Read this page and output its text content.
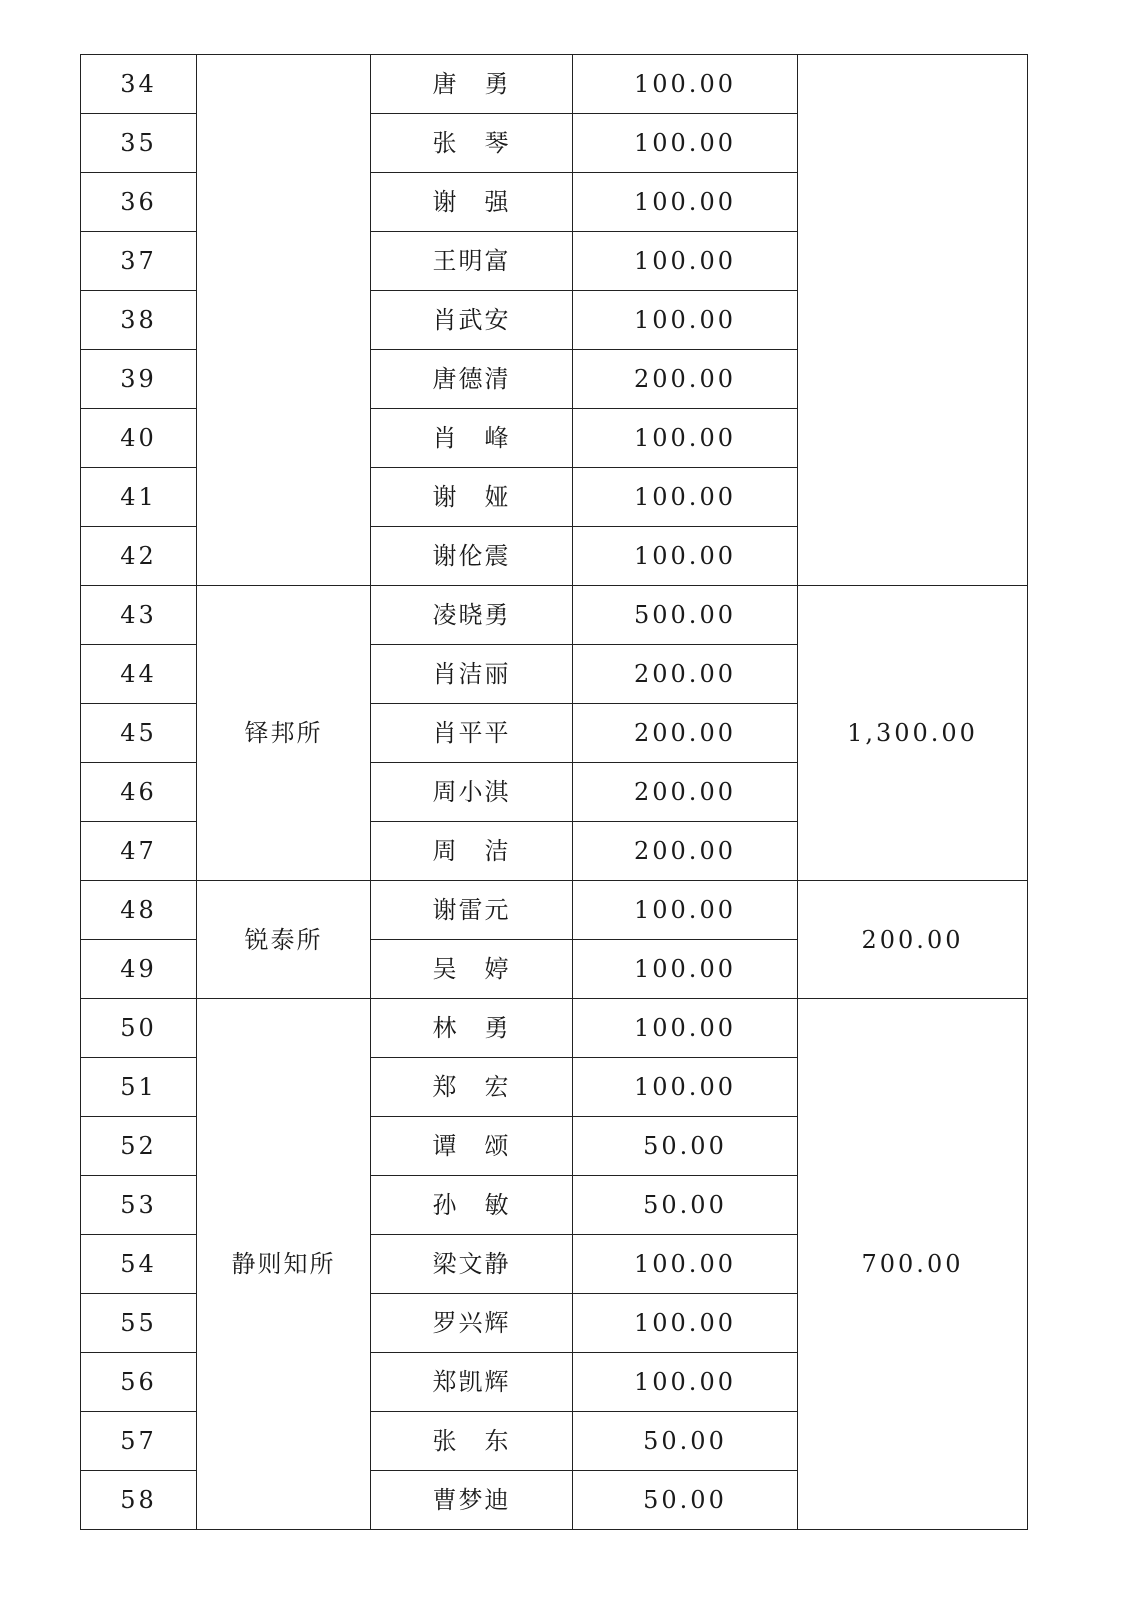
34		唐　勇	100.00	
35		张　琴	100.00	
36		谢　强	100.00	
37		王明富	100.00	
38		肖武安	100.00	
39		唐德清	200.00	
40		肖　峰	100.00	
41		谢　娅	100.00	
42		谢伦震	100.00	
43	铎邦所	凌晓勇	500.00	1,300.00
44		肖洁丽	200.00	
45		肖平平	200.00	
46		周小淇	200.00	
47		周　洁	200.00	
48	锐泰所	谢雷元	100.00	200.00
49		吴　婷	100.00	
50	静则知所	林　勇	100.00	700.00
51		郑　宏	100.00	
52		谭　颂	50.00	
53		孙　敏	50.00	
54		梁文静	100.00	
55		罗兴辉	100.00	
56		郑凯辉	100.00	
57		张　东	50.00	
58		曹梦迪	50.00	
